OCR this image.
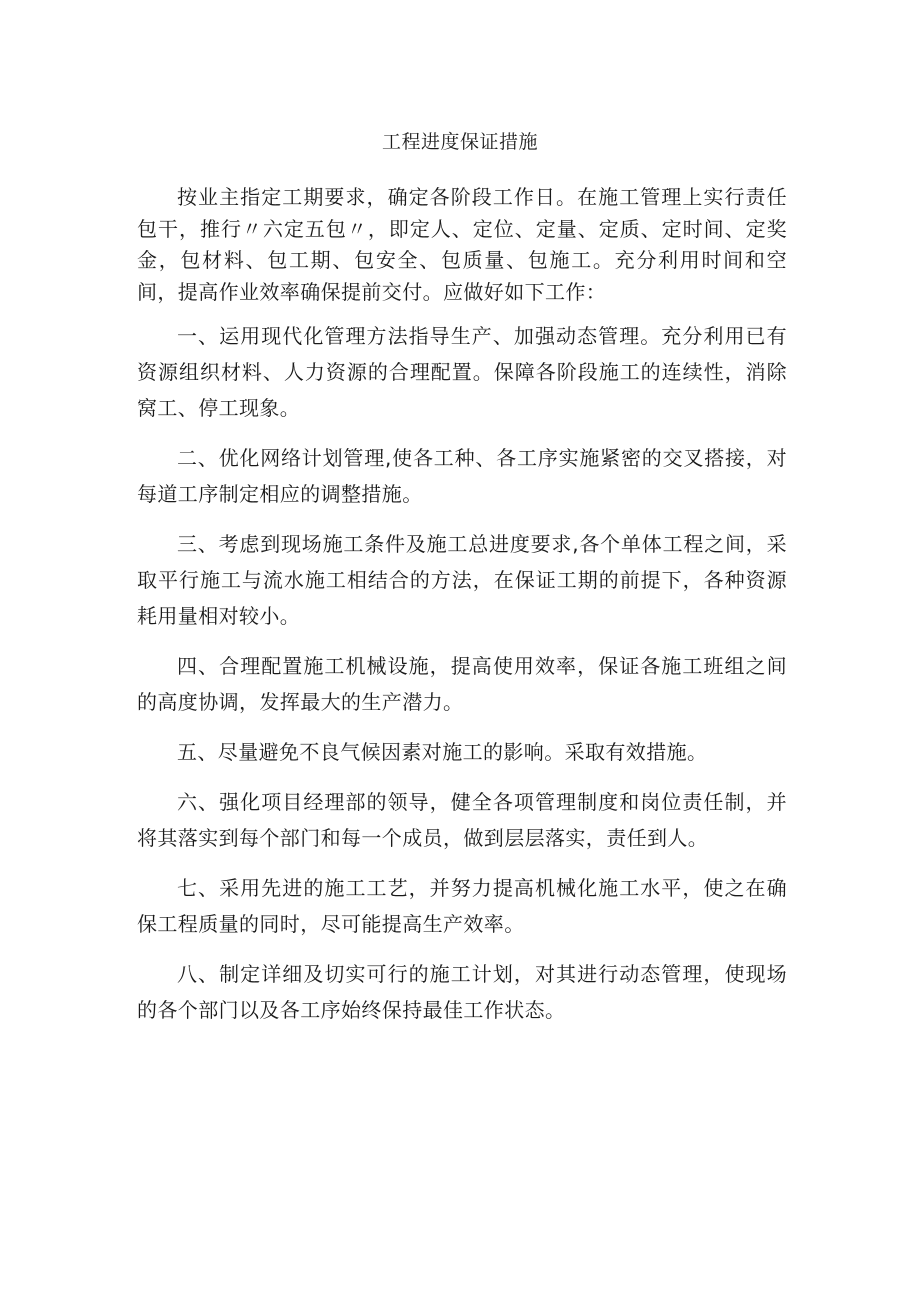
工程进度保证措施

按业主指定工期要求，确定各阶段工作日。在施工管理上实行责任包干，推行〃六定五包〃，即定人、定位、定量、定质、定时间、定奖金，包材料、包工期、包安全、包质量、包施工。充分利用时间和空间，提高作业效率确保提前交付。应做好如下工作：

一、运用现代化管理方法指导生产、加强动态管理。充分利用已有资源组织材料、人力资源的合理配置。保障各阶段施工的连续性，消除窝工、停工现象。

二、优化网络计划管理,使各工种、各工序实施紧密的交叉搭接，对每道工序制定相应的调整措施。

三、考虑到现场施工条件及施工总进度要求,各个单体工程之间，采取平行施工与流水施工相结合的方法，在保证工期的前提下，各种资源耗用量相对较小。

四、合理配置施工机械设施，提高使用效率，保证各施工班组之间的高度协调，发挥最大的生产潜力。

五、尽量避免不良气候因素对施工的影响。采取有效措施。

六、强化项目经理部的领导，健全各项管理制度和岗位责任制，并将其落实到每个部门和每一个成员，做到层层落实，责任到人。

七、采用先进的施工工艺，并努力提高机械化施工水平，使之在确保工程质量的同时，尽可能提高生产效率。

八、制定详细及切实可行的施工计划，对其进行动态管理，使现场的各个部门以及各工序始终保持最佳工作状态。
